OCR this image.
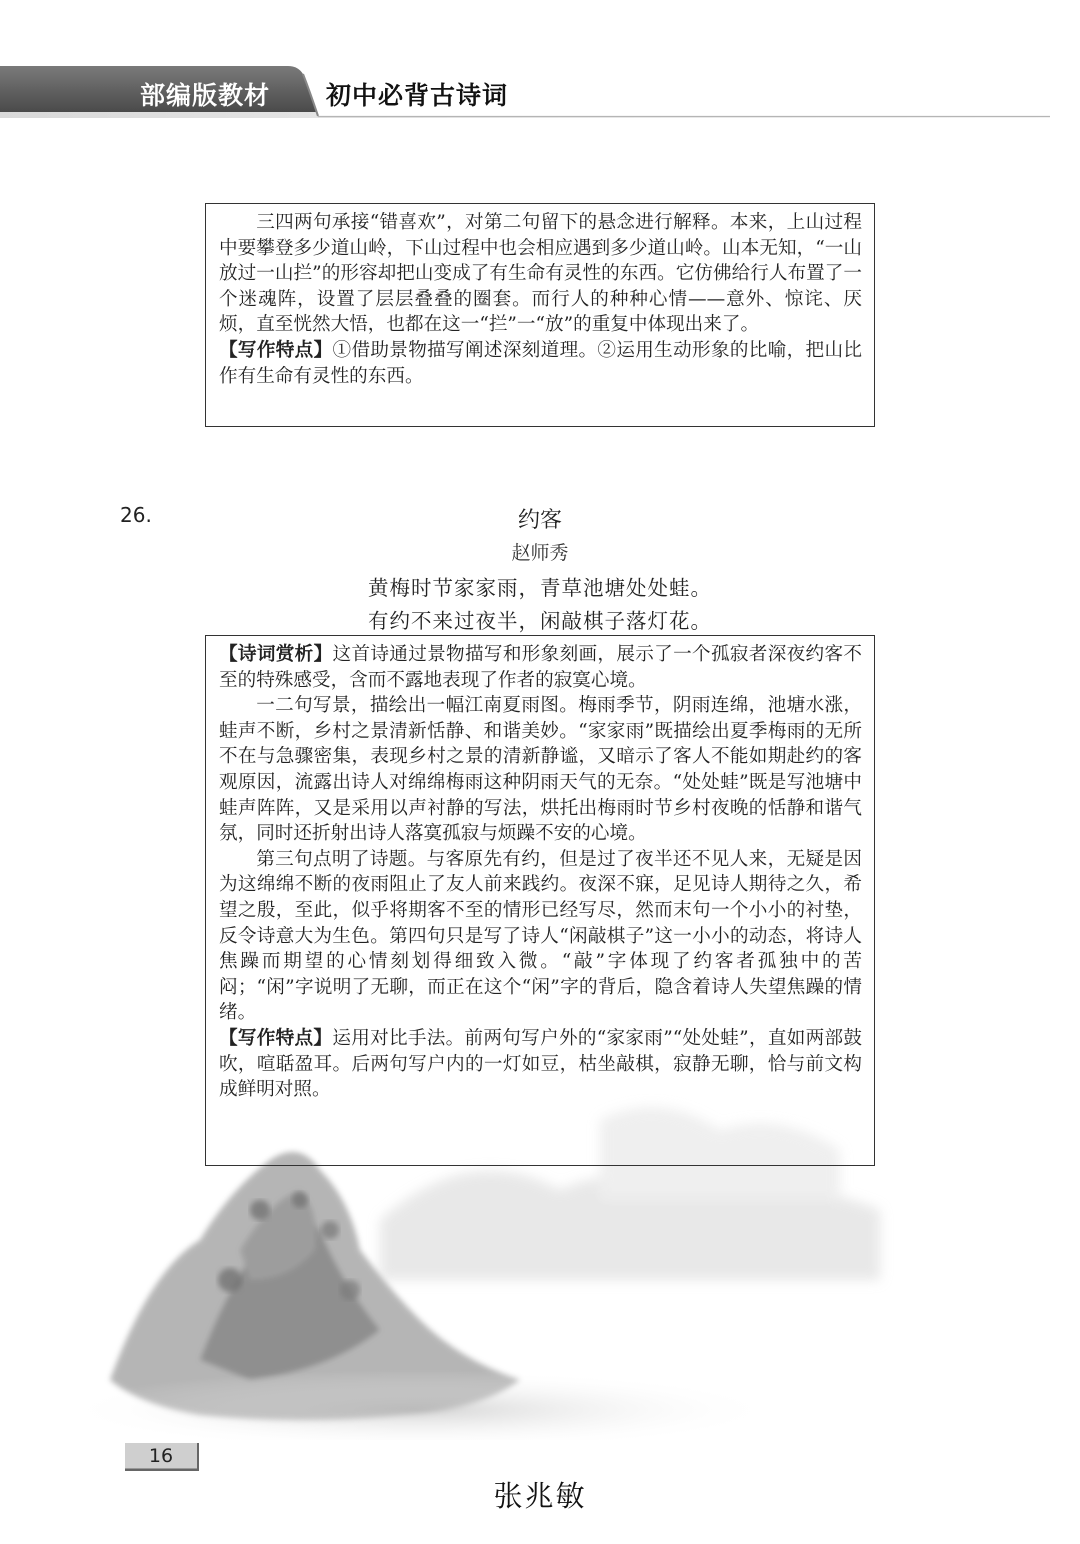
部编版教材 初中必背古诗词

三四两句承接“错喜欢”，对第二句留下的悬念进行解释。本来，上山过程中要攀登多少道山岭，下山过程中也会相应遇到多少道山岭。山本无知，“一山放过一山拦”的形容却把山变成了有生命有灵性的东西。它仿佛给行人布置了一个迷魂阵，设置了层层叠叠的圈套。而行人的种种心情——意外、惊诧、厌烦，直至恍然大悟，也都在这一“拦”一“放”的重复中体现出来了。

【写作特点】①借助景物描写阐述深刻道理。②运用生动形象的比喻，把山比作有生命有灵性的东西。

26.	约客
赵师秀
黄梅时节家家雨，青草池塘处处蛙。
有约不来过夜半，闲敲棋子落灯花。

【诗词赏析】这首诗通过景物描写和形象刻画，展示了一个孤寂者深夜约客不至的特殊感受，含而不露地表现了作者的寂寞心境。

一二句写景，描绘出一幅江南夏雨图。梅雨季节，阴雨连绵，池塘水涨，蛙声不断，乡村之景清新恬静、和谐美妙。“家家雨”既描绘出夏季梅雨的无所不在与急骤密集，表现乡村之景的清新静谧，又暗示了客人不能如期赴约的客观原因，流露出诗人对绵绵梅雨这种阴雨天气的无奈。“处处蛙”既是写池塘中蛙声阵阵，又是采用以声衬静的写法，烘托出梅雨时节乡村夜晚的恬静和谐气氛，同时还折射出诗人落寞孤寂与烦躁不安的心境。

第三句点明了诗题。与客原先有约，但是过了夜半还不见人来，无疑是因为这绵绵不断的夜雨阻止了友人前来践约。夜深不寐，足见诗人期待之久，希望之殷，至此，似乎将期客不至的情形已经写尽，然而末句一个小小的衬垫，反令诗意大为生色。第四句只是写了诗人“闲敲棋子”这一小小的动态，将诗人焦躁而期望的心情刻划得细致入微。“敲”字体现了约客者孤独中的苦闷；“闲”字说明了无聊，而正在这个“闲”字的背后，隐含着诗人失望焦躁的情绪。

【写作特点】运用对比手法。前两句写户外的“家家雨”“处处蛙”，直如两部鼓吹，喧聒盈耳。后两句写户内的一灯如豆，枯坐敲棋，寂静无聊，恰与前文构成鲜明对照。

16
张兆敏
